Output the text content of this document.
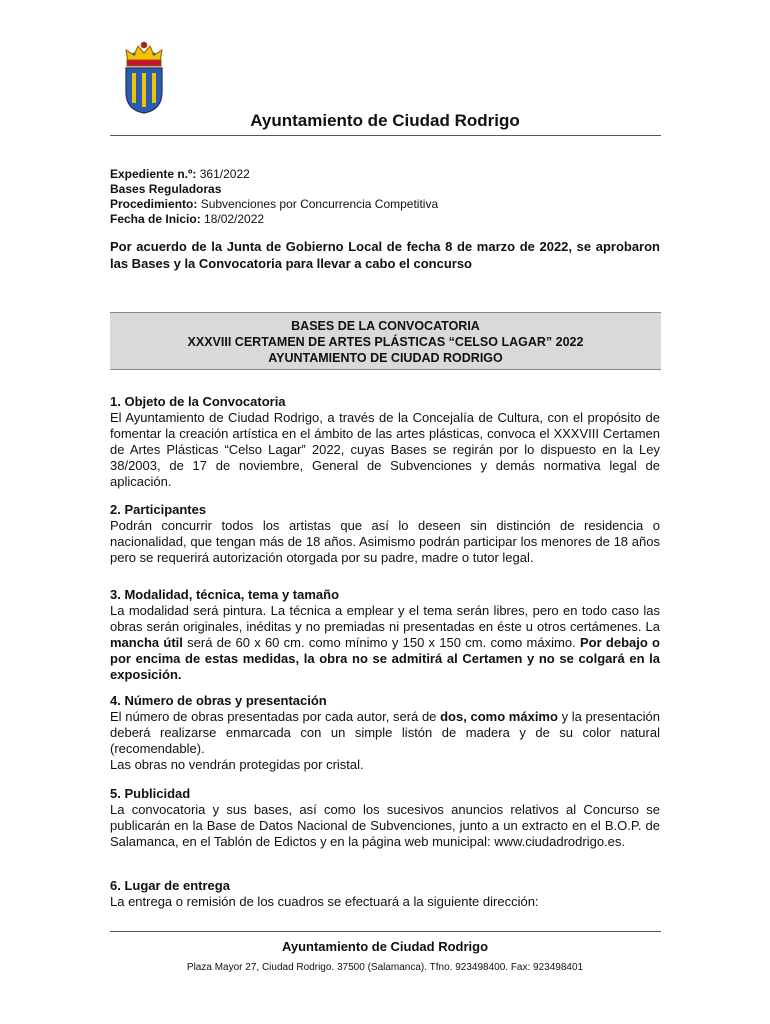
Ayuntamiento de Ciudad Rodrigo
Expediente n.º: 361/2022
Bases Reguladoras
Procedimiento: Subvenciones por Concurrencia Competitiva
Fecha de Inicio: 18/02/2022
Por acuerdo de la Junta de Gobierno Local de fecha 8 de marzo de 2022, se aprobaron las Bases y la Convocatoria para llevar a cabo el concurso
BASES DE LA CONVOCATORIA
XXXVIII CERTAMEN DE ARTES PLÁSTICAS “CELSO LAGAR” 2022
AYUNTAMIENTO DE CIUDAD RODRIGO
1. Objeto de la Convocatoria

El Ayuntamiento de Ciudad Rodrigo, a través de la Concejalía de Cultura, con el propósito de fomentar la creación artística en el ámbito de las artes plásticas, convoca el XXXVIII Certamen de Artes Plásticas “Celso Lagar” 2022, cuyas Bases se regirán por lo dispuesto en la Ley 38/2003, de 17 de noviembre, General de Subvenciones y demás normativa legal de aplicación.

2. Participantes

Podrán concurrir todos los artistas que así lo deseen sin distinción de residencia o nacionalidad, que tengan más de 18 años. Asimismo podrán participar los menores de 18 años pero se requerirá autorización otorgada por su padre, madre o tutor legal.

3. Modalidad, técnica, tema y tamaño

La modalidad será pintura. La técnica a emplear y el tema serán libres, pero en todo caso las obras serán originales, inéditas y no premiadas ni presentadas en éste u otros certámenes. La mancha útil será de 60 x 60 cm. como mínimo y 150 x 150 cm. como máximo. Por debajo o por encima de estas medidas, la obra no se admitirá al Certamen y no se colgará en la exposición.

4. Número de obras y presentación

El número de obras presentadas por cada autor, será de dos, como máximo y la presentación deberá realizarse enmarcada con un simple listón de madera y de su color natural (recomendable).

Las obras no vendrán protegidas por cristal.

5. Publicidad

La convocatoria y sus bases, así como los sucesivos anuncios relativos al Concurso se publicarán en la Base de Datos Nacional de Subvenciones, junto a un extracto en el B.O.P. de Salamanca, en el Tablón de Edictos y en la página web municipal: www.ciudadrodrigo.es.

6. Lugar de entrega

La entrega o remisión de los cuadros se efectuará a la siguiente dirección:

Ayuntamiento de Ciudad Rodrigo
Plaza Mayor 27, Ciudad Rodrigo. 37500 (Salamanca). Tfno. 923498400. Fax: 923498401
